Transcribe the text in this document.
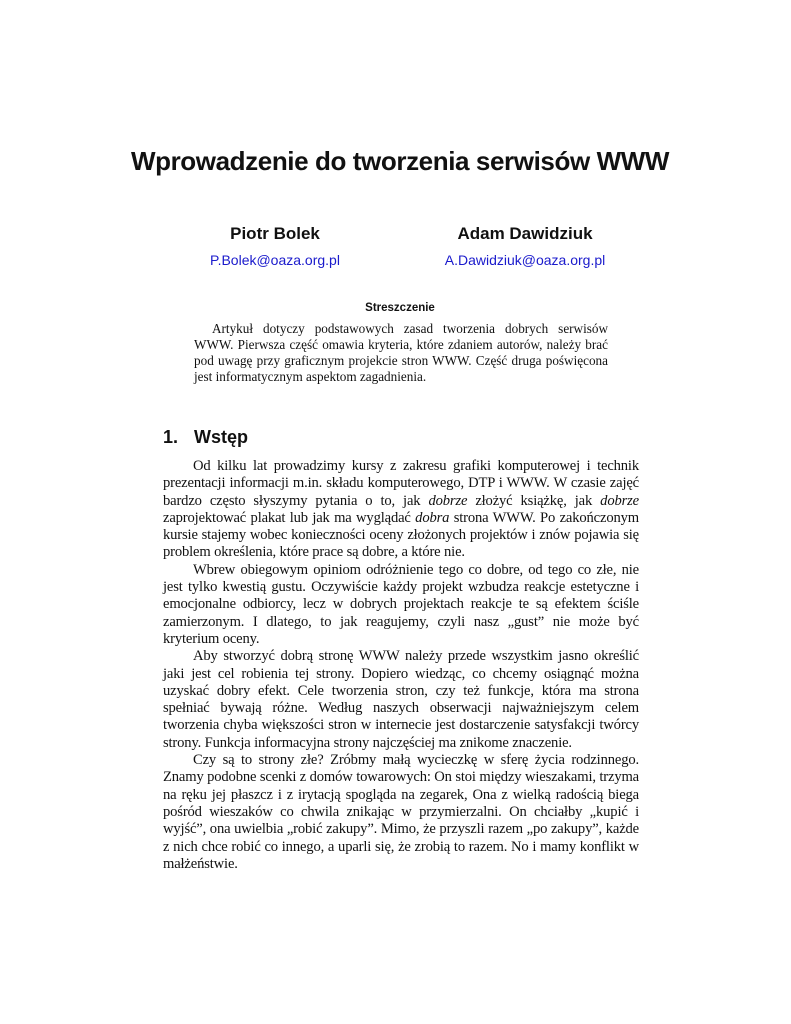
Wprowadzenie do tworzenia serwisów WWW
Piotr Bolek
P.Bolek@oaza.org.pl
Adam Dawidziuk
A.Dawidziuk@oaza.org.pl
Streszczenie

Artykuł dotyczy podstawowych zasad tworzenia dobrych serwisów WWW. Pierwsza część omawia kryteria, które zdaniem autorów, należy brać pod uwagę przy graficznym projekcie stron WWW. Część druga poświęcona jest informatycznym aspektom zagadnienia.

1. Wstęp

Od kilku lat prowadzimy kursy z zakresu grafiki komputerowej i technik prezentacji informacji m.in. składu komputerowego, DTP i WWW. W czasie zajęć bardzo często słyszymy pytania o to, jak dobrze złożyć książkę, jak dobrze zaprojektować plakat lub jak ma wyglądać dobra strona WWW. Po zakończonym kursie stajemy wobec konieczności oceny złożonych projektów i znów pojawia się problem określenia, które prace są dobre, a które nie.

Wbrew obiegowym opiniom odróżnienie tego co dobre, od tego co złe, nie jest tylko kwestią gustu. Oczywiście każdy projekt wzbudza reakcje estetyczne i emocjonalne odbiorcy, lecz w dobrych projektach reakcje te są efektem ściśle zamierzonym. I dlatego, to jak reagujemy, czyli nasz „gust” nie może być kryterium oceny.

Aby stworzyć dobrą stronę WWW należy przede wszystkim jasno określić jaki jest cel robienia tej strony. Dopiero wiedząc, co chcemy osiągnąć można uzyskać dobry efekt. Cele tworzenia stron, czy też funkcje, która ma strona spełniać bywają różne. Według naszych obserwacji najważniejszym celem tworzenia chyba większości stron w internecie jest dostarczenie satysfakcji twórcy strony. Funkcja informacyjna strony najczęściej ma znikome znaczenie.

Czy są to strony złe? Zróbmy małą wycieczkę w sferę życia rodzinnego. Znamy podobne scenki z domów towarowych: On stoi między wieszakami, trzyma na ręku jej płaszcz i z irytacją spogląda na zegarek, Ona z wielką radością biega pośród wieszaków co chwila znikając w przymierzalni. On chciałby „kupić i wyjść”, ona uwielbia „robić zakupy”. Mimo, że przyszli razem „po zakupy”, każde z nich chce robić co innego, a uparli się, że zrobią to razem. No i mamy konflikt w małżeństwie.
